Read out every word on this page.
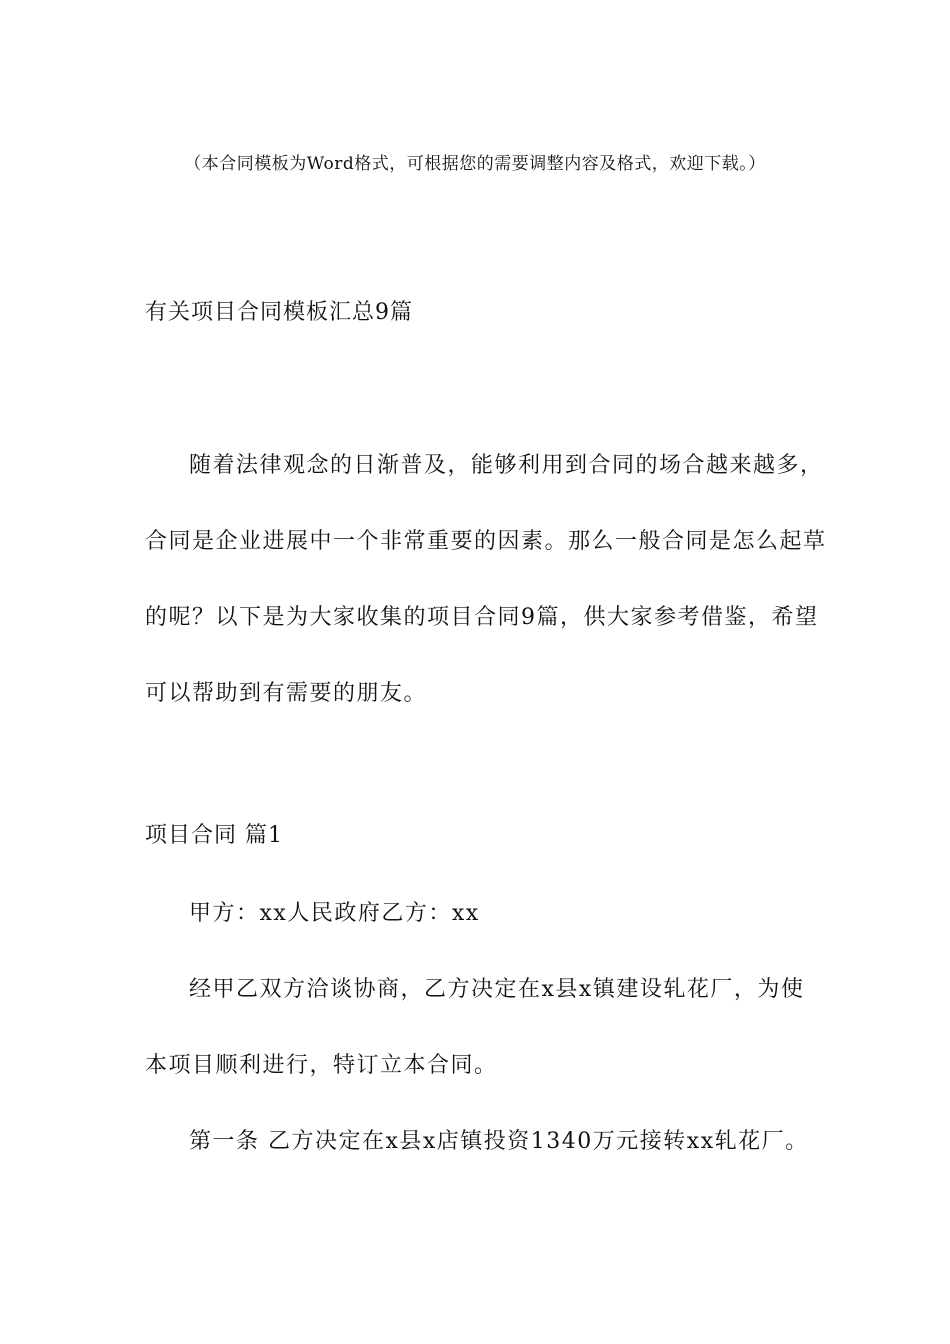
（本合同模板为Word格式，可根据您的需要调整内容及格式，欢迎下载。）
有关项目合同模板汇总9篇
随着法律观念的日渐普及，能够利用到合同的场合越来越多，
合同是企业进展中一个非常重要的因素。那么一般合同是怎么起草
的呢？以下是为大家收集的项目合同9篇，供大家参考借鉴，希望
可以帮助到有需要的朋友。
项目合同 篇1
甲方：xx人民政府乙方：xx
经甲乙双方洽谈协商，乙方决定在x县x镇建设轧花厂，为使
本项目顺利进行，特订立本合同。
第一条 乙方决定在x县x店镇投资1340万元接转xx轧花厂。
